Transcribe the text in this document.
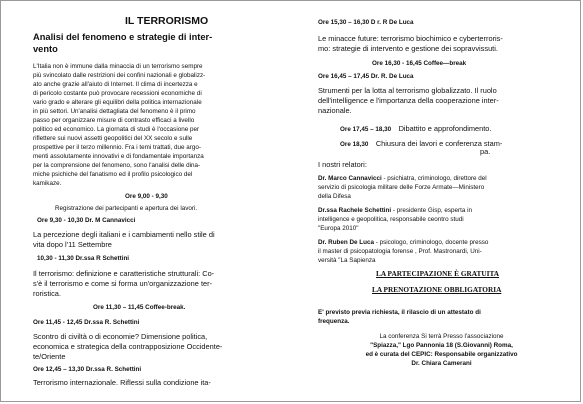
IL TERRORISMO
Analisi del fenomeno e strategie di inter-
vento
L'Italia non è immune dalla minaccia di un terrorismo sempre
più svincolato dalle restrizioni dei confini nazionali e globalizz-
ato anche grazie all'aiuto di Internet. Il clima di incertezza e
di pericolo costante può provocare recessioni economiche di
vario grado e alterare gli equilibri della politica internazionale
in più settori. Un'analisi dettagliata del fenomeno è il primo
passo per organizzare misure di contrasto efficaci a livello
politico ed economico. La giornata di studi è l'occasione per
riflettere sui nuovi assetti geopolitici del XX secolo e sulle
prospettive per il terzo millennio. Fra i temi trattati, due argo-
menti assolutamente innovativi e di fondamentale importanza
per la comprensione del fenomeno, sono l'analisi delle dina-
miche psichiche del fanatismo ed il profilo psicologico del
kamikaze.
Ore 9,00 - 9,30
Registrazione dei partecipanti e apertura dei lavori.
Ore 9,30 - 10,30 Dr. M Cannavicci
La percezione degli italiani e i cambiamenti nello stile di
vita dopo l'11 Settembre
10,30 - 11,30 Dr.ssa R Schettini
Il terrorismo: definizione e caratteristiche strutturali: Co-
s'è il terrorismo e come si forma un'organizzazione ter-
roristica.
Ore 11,30 – 11,45 Coffee-break.
Ore 11,45 - 12,45 Dr.ssa R. Schettini
Scontro di civiltà o di economie? Dimensione politica,
economica e strategica della contrapposizione Occidente-
te/Oriente
Ore 12,45 – 13,30 Dr.ssa R. Schettini
Terrorismo internazionale. Riflessi sulla condizione ita-
Ore 15,30 – 16,30 D r. R De Luca
Le minacce future: terrorismo biochimico e cyberterroris-
mo: strategie di intervento e gestione dei sopravvissuti.
Ore 16,30 - 16,45 Coffee—break
Ore 16,45 – 17,45 Dr. R. De Luca
Strumenti per la lotta al terrorismo globalizzato. Il ruolo
dell'intelligence e l'importanza della cooperazione inter-
nazionale.
Ore 17,45 – 18,30 Dibattito e approfondimento.
Ore 18,30 Chiusura dei lavori e conferenza stam-
pa.
I nostri relatori:
Dr. Marco Cannavicci - psichiatra, criminologo, direttore del
servizio di psicologia militare delle Forze Armate—Ministero
della Difesa
Dr.ssa Rachele Schettini - presidente Gisp, esperta in
intelligence e geopolitica, responsabile ceontro studi
"Europa 2010"
Dr. Ruben De Luca - psicologo, criminologo, docente presso
il master di psicopatologia forense , Prof. Mastronardi, Uni-
versità "La Sapienza
LA PARTECIPAZIONE È GRATUITA
LA PRENOTAZIONE OBBLIGATORIA
E' previsto previa richiesta, il rilascio di un attestato di
frequenza.
La conferenza Si terrà Presso l'associazione
"Spiazza," Lgo Pannonia 18 (S.Giovanni) Roma,
ed è curata del CEPIC: Responsabile organizzativo
Dr. Chiara Camerani
